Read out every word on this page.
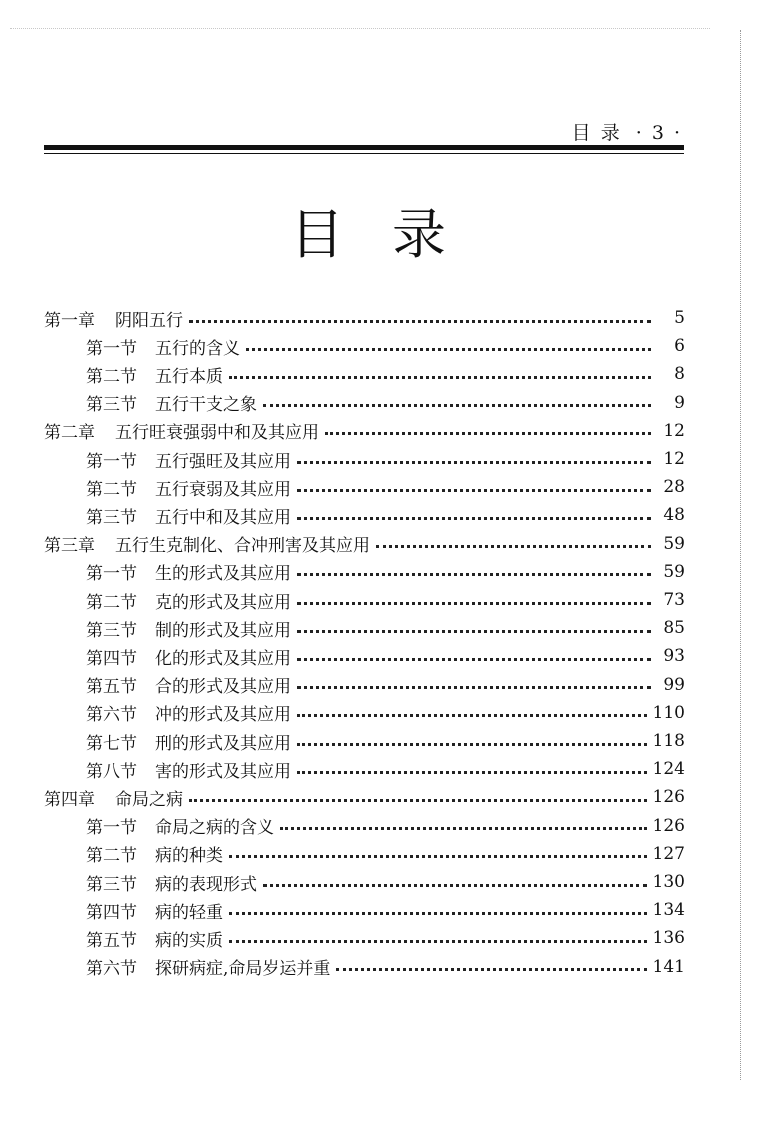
目 录 · 3 ·
目录
第一章 阴阳五行	5
第一节 五行的含义	6
第二节 五行本质	8
第三节 五行干支之象	9
第二章 五行旺衰强弱中和及其应用	12
第一节 五行强旺及其应用	12
第二节 五行衰弱及其应用	28
第三节 五行中和及其应用	48
第三章 五行生克制化、合冲刑害及其应用	59
第一节 生的形式及其应用	59
第二节 克的形式及其应用	73
第三节 制的形式及其应用	85
第四节 化的形式及其应用	93
第五节 合的形式及其应用	99
第六节 冲的形式及其应用	110
第七节 刑的形式及其应用	118
第八节 害的形式及其应用	124
第四章 命局之病	126
第一节 命局之病的含义	126
第二节 病的种类	127
第三节 病的表现形式	130
第四节 病的轻重	134
第五节 病的实质	136
第六节 探研病症,命局岁运并重	141
